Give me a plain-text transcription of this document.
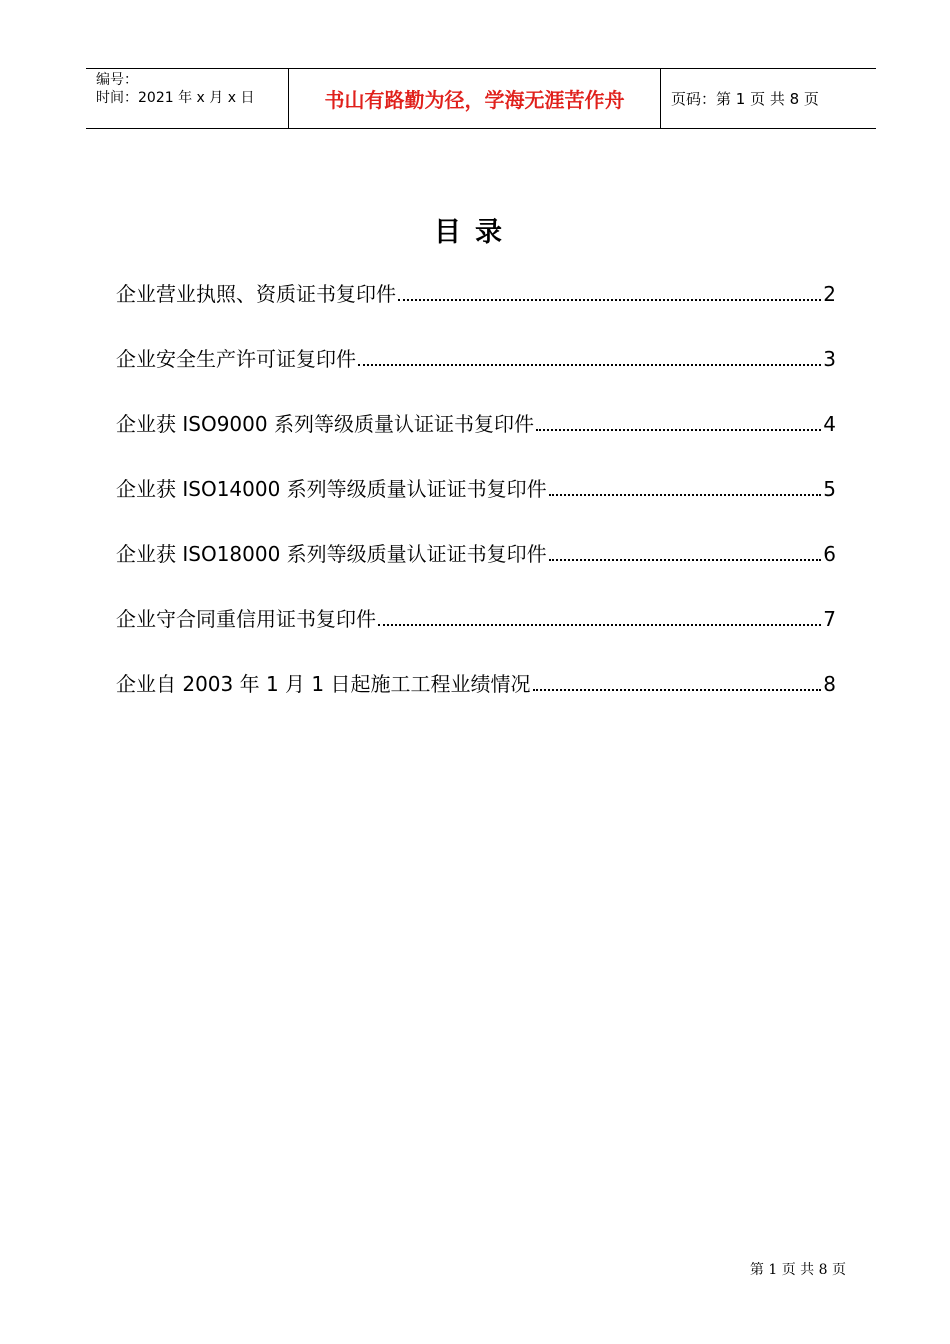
编号：
时间：2021 年 x 月 x 日	书山有路勤为径，学海无涯苦作舟	页码：第 1 页 共 8 页
目录
企业营业执照、资质证书复印件	2
企业安全生产许可证复印件	3
企业获 ISO9000 系列等级质量认证证书复印件	4
企业获 ISO14000 系列等级质量认证证书复印件	5
企业获 ISO18000 系列等级质量认证证书复印件	6
企业守合同重信用证书复印件	7
企业自 2003 年 1 月 1 日起施工工程业绩情况	8
第 1 页 共 8 页
